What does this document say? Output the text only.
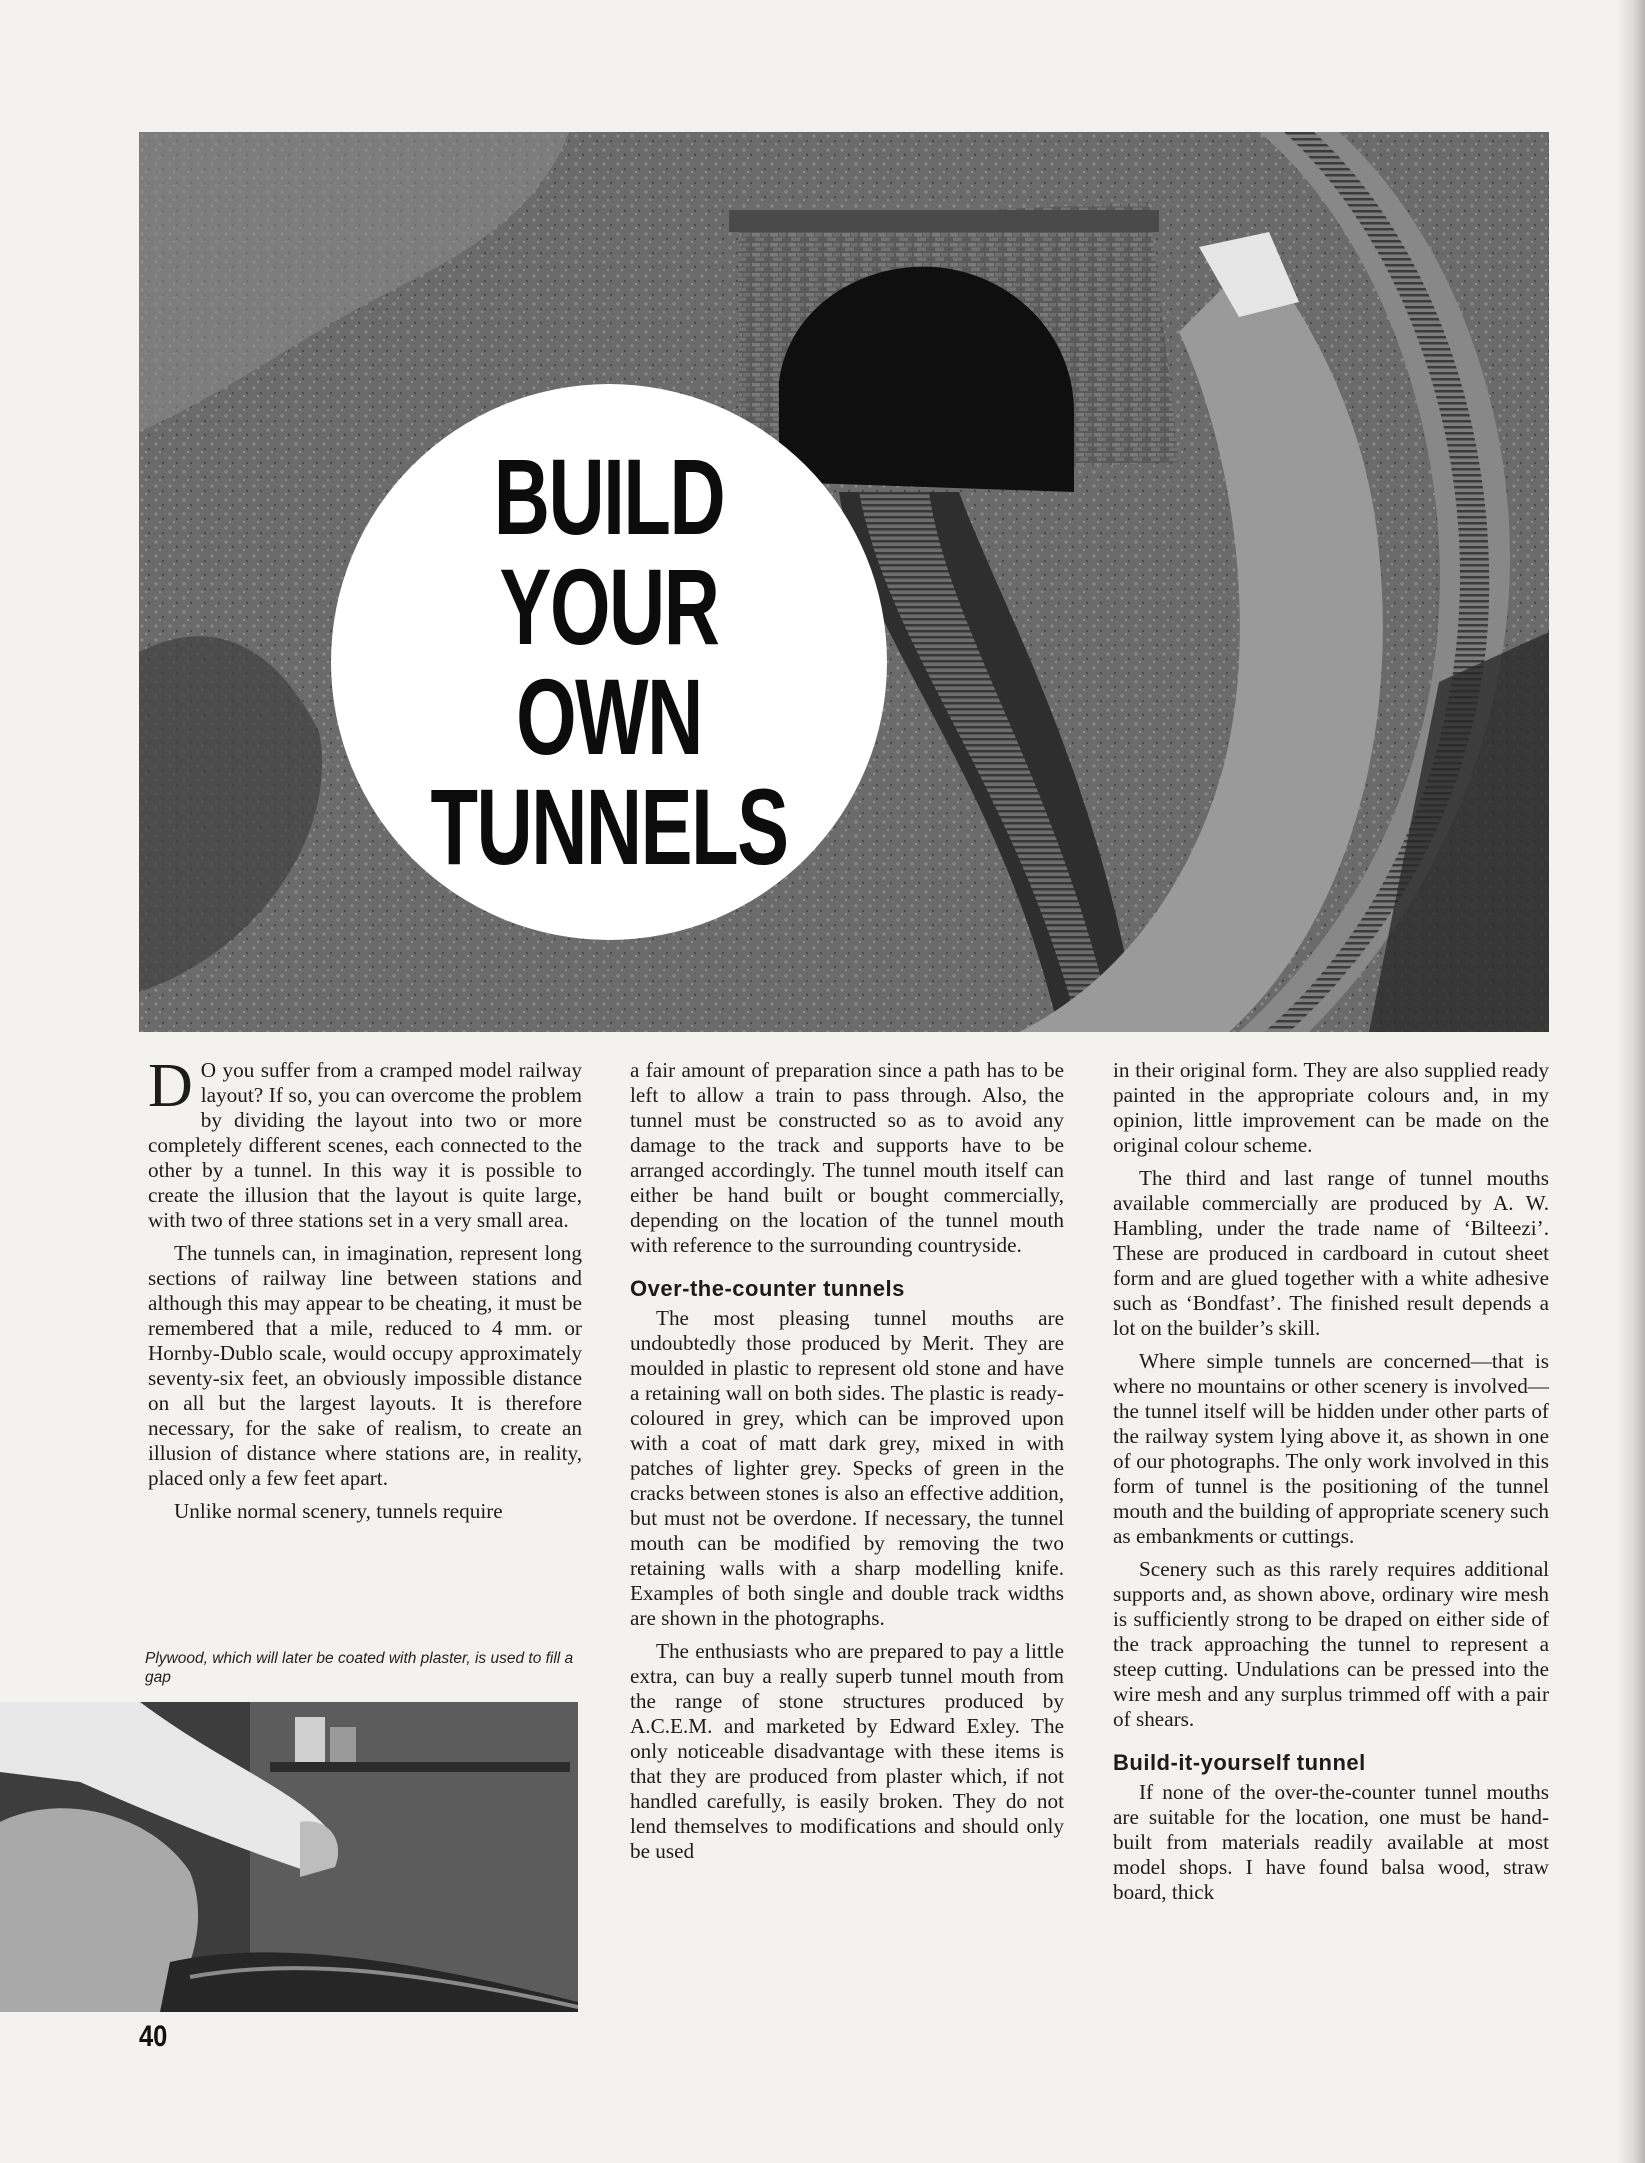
BUILD
YOUR OWN
TUNNELS

D O you suffer from a cramped model railway layout? If so, you can overcome the problem by dividing the layout into two or more completely different scenes, each connected to the other by a tunnel. In this way it is possible to create the illusion that the layout is quite large, with two of three stations set in a very small area.

The tunnels can, in imagination, represent long sections of railway line between stations and although this may appear to be cheating, it must be remembered that a mile, reduced to 4 mm. or Hornby-Dublo scale, would occupy approximately seventy-six feet, an obviously impossible distance on all but the largest layouts. It is therefore necessary, for the sake of realism, to create an illusion of distance where stations are, in reality, placed only a few feet apart.

Unlike normal scenery, tunnels require

Plywood, which will later be coated with plaster, is used to fill a gap

a fair amount of preparation since a path has to be left to allow a train to pass through. Also, the tunnel must be constructed so as to avoid any damage to the track and supports have to be arranged accordingly. The tunnel mouth itself can either be hand built or bought commercially, depending on the location of the tunnel mouth with reference to the surrounding countryside.

Over-the-counter tunnels

The most pleasing tunnel mouths are undoubtedly those produced by Merit. They are moulded in plastic to represent old stone and have a retaining wall on both sides. The plastic is ready-coloured in grey, which can be improved upon with a coat of matt dark grey, mixed in with patches of lighter grey. Specks of green in the cracks between stones is also an effective addition, but must not be overdone. If necessary, the tunnel mouth can be modified by removing the two retaining walls with a sharp modelling knife. Examples of both single and double track widths are shown in the photographs.

The enthusiasts who are prepared to pay a little extra, can buy a really superb tunnel mouth from the range of stone structures produced by A.C.E.M. and marketed by Edward Exley. The only noticeable disadvantage with these items is that they are produced from plaster which, if not handled carefully, is easily broken. They do not lend themselves to modifications and should only be used

in their original form. They are also supplied ready painted in the appropriate colours and, in my opinion, little improvement can be made on the original colour scheme.

The third and last range of tunnel mouths available commercially are produced by A. W. Hambling, under the trade name of ‘Bilteezi’. These are produced in cardboard in cutout sheet form and are glued together with a white adhesive such as ‘Bondfast’. The finished result depends a lot on the builder’s skill.

Where simple tunnels are concerned—that is where no mountains or other scenery is involved—the tunnel itself will be hidden under other parts of the railway system lying above it, as shown in one of our photographs. The only work involved in this form of tunnel is the positioning of the tunnel mouth and the building of appropriate scenery such as embankments or cuttings.

Scenery such as this rarely requires additional supports and, as shown above, ordinary wire mesh is sufficiently strong to be draped on either side of the track approaching the tunnel to represent a steep cutting. Undulations can be pressed into the wire mesh and any surplus trimmed off with a pair of shears.

Build-it-yourself tunnel

If none of the over-the-counter tunnel mouths are suitable for the location, one must be hand-built from materials readily available at most model shops. I have found balsa wood, straw board, thick

40
